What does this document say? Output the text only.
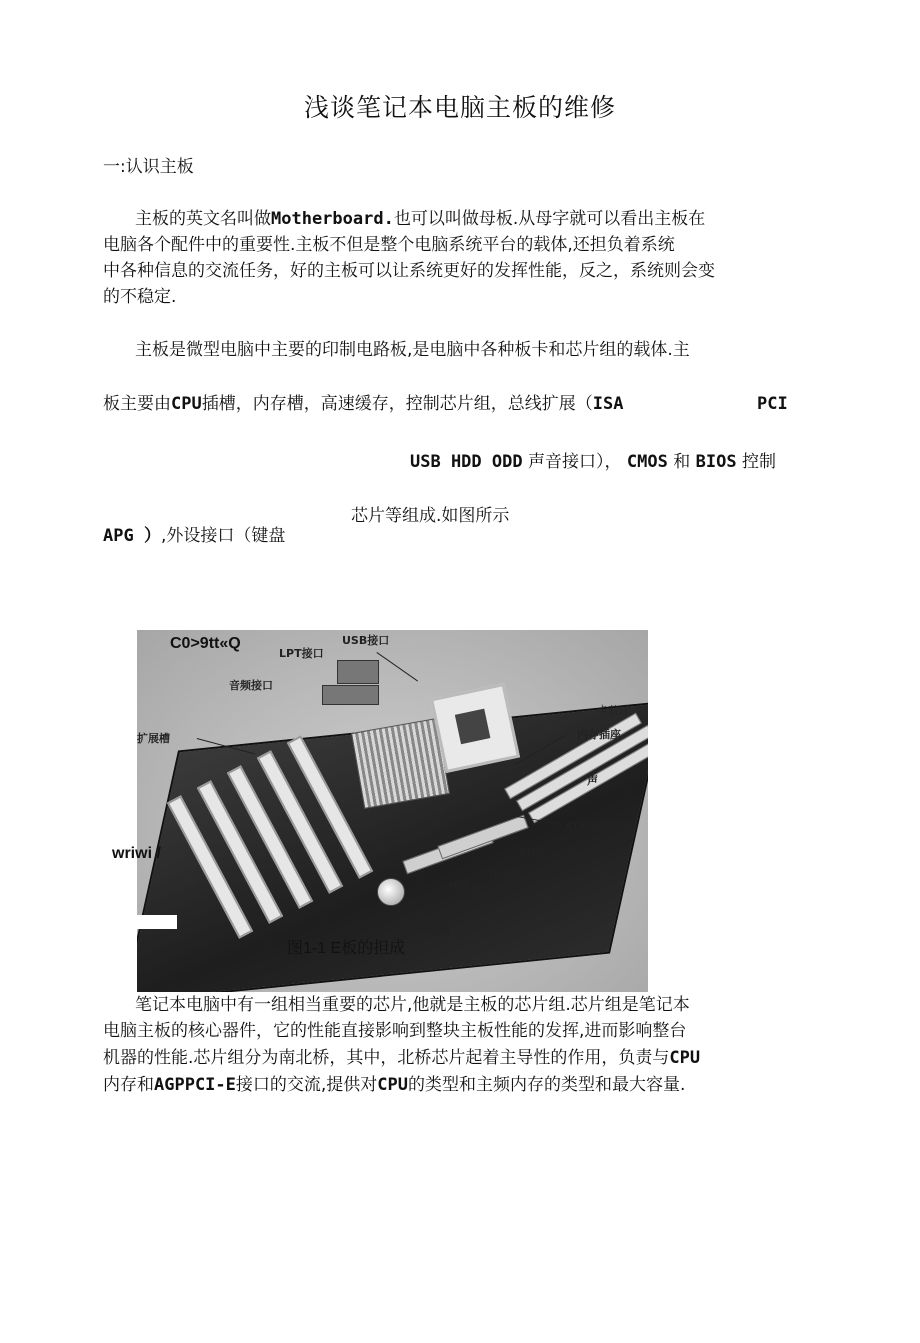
浅谈笔记本电脑主板的维修
一:认识主板
主板的英文名叫做Motherboard.也可以叫做母板.从母字就可以看出主板在
电脑各个配件中的重要性.主板不但是整个电脑系统平台的载体,还担负着系统
中各种信息的交流任务，好的主板可以让系统更好的发挥性能，反之，系统则会变
的不稳定.
主板是微型电脑中主要的印制电路板,是电脑中各种板卡和芯片组的载体.主
板主要由CPU插槽，内存槽，高速缓存，控制芯片组，总线扩展（ISA	PCI
USB HDD ODD 声音接口）， CMOS 和 BIOS 控制
芯片等组成.如图所示
APG ）,外设接口（键盘
USB接口
LPT接口
音频接口
卡若片
扩展槽	内存插座
声
ATX电源插座
FDC
IDE1
IDE2
CMOS电池
BIOS
C0>9tt«Q
wriwi /
图1-1 E板的担成
笔记本电脑中有一组相当重要的芯片,他就是主板的芯片组.芯片组是笔记本
电脑主板的核心器件，它的性能直接影响到整块主板性能的发挥,进而影响整台
机器的性能.芯片组分为南北桥，其中，北桥芯片起着主导性的作用，负责与CPU
内存和AGPPCI-E接口的交流,提供对CPU的类型和主频内存的类型和最大容量.
